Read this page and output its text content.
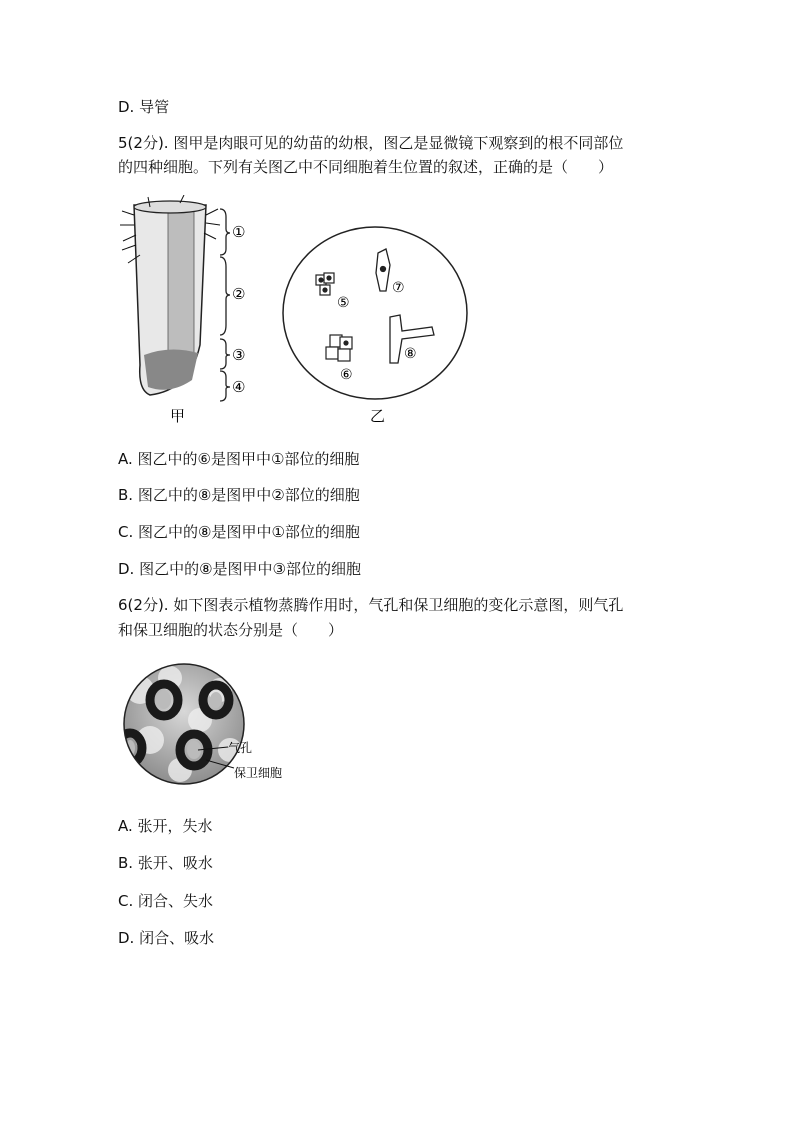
D. 导管
5(2分). 图甲是肉眼可见的幼苗的幼根，图乙是显微镜下观察到的根不同部位
的四种细胞。下列有关图乙中不同细胞着生位置的叙述，正确的是（　　）
①
②
③
④
甲
⑤
⑥
⑦
⑧
乙
A. 图乙中的⑥是图甲中①部位的细胞
B. 图乙中的⑧是图甲中②部位的细胞
C. 图乙中的⑧是图甲中①部位的细胞
D. 图乙中的⑧是图甲中③部位的细胞
6(2分). 如下图表示植物蒸腾作用时，气孔和保卫细胞的变化示意图，则气孔
和保卫细胞的状态分别是（　　）
气孔
保卫细胞
A. 张开，失水
B. 张开、吸水
C. 闭合、失水
D. 闭合、吸水
